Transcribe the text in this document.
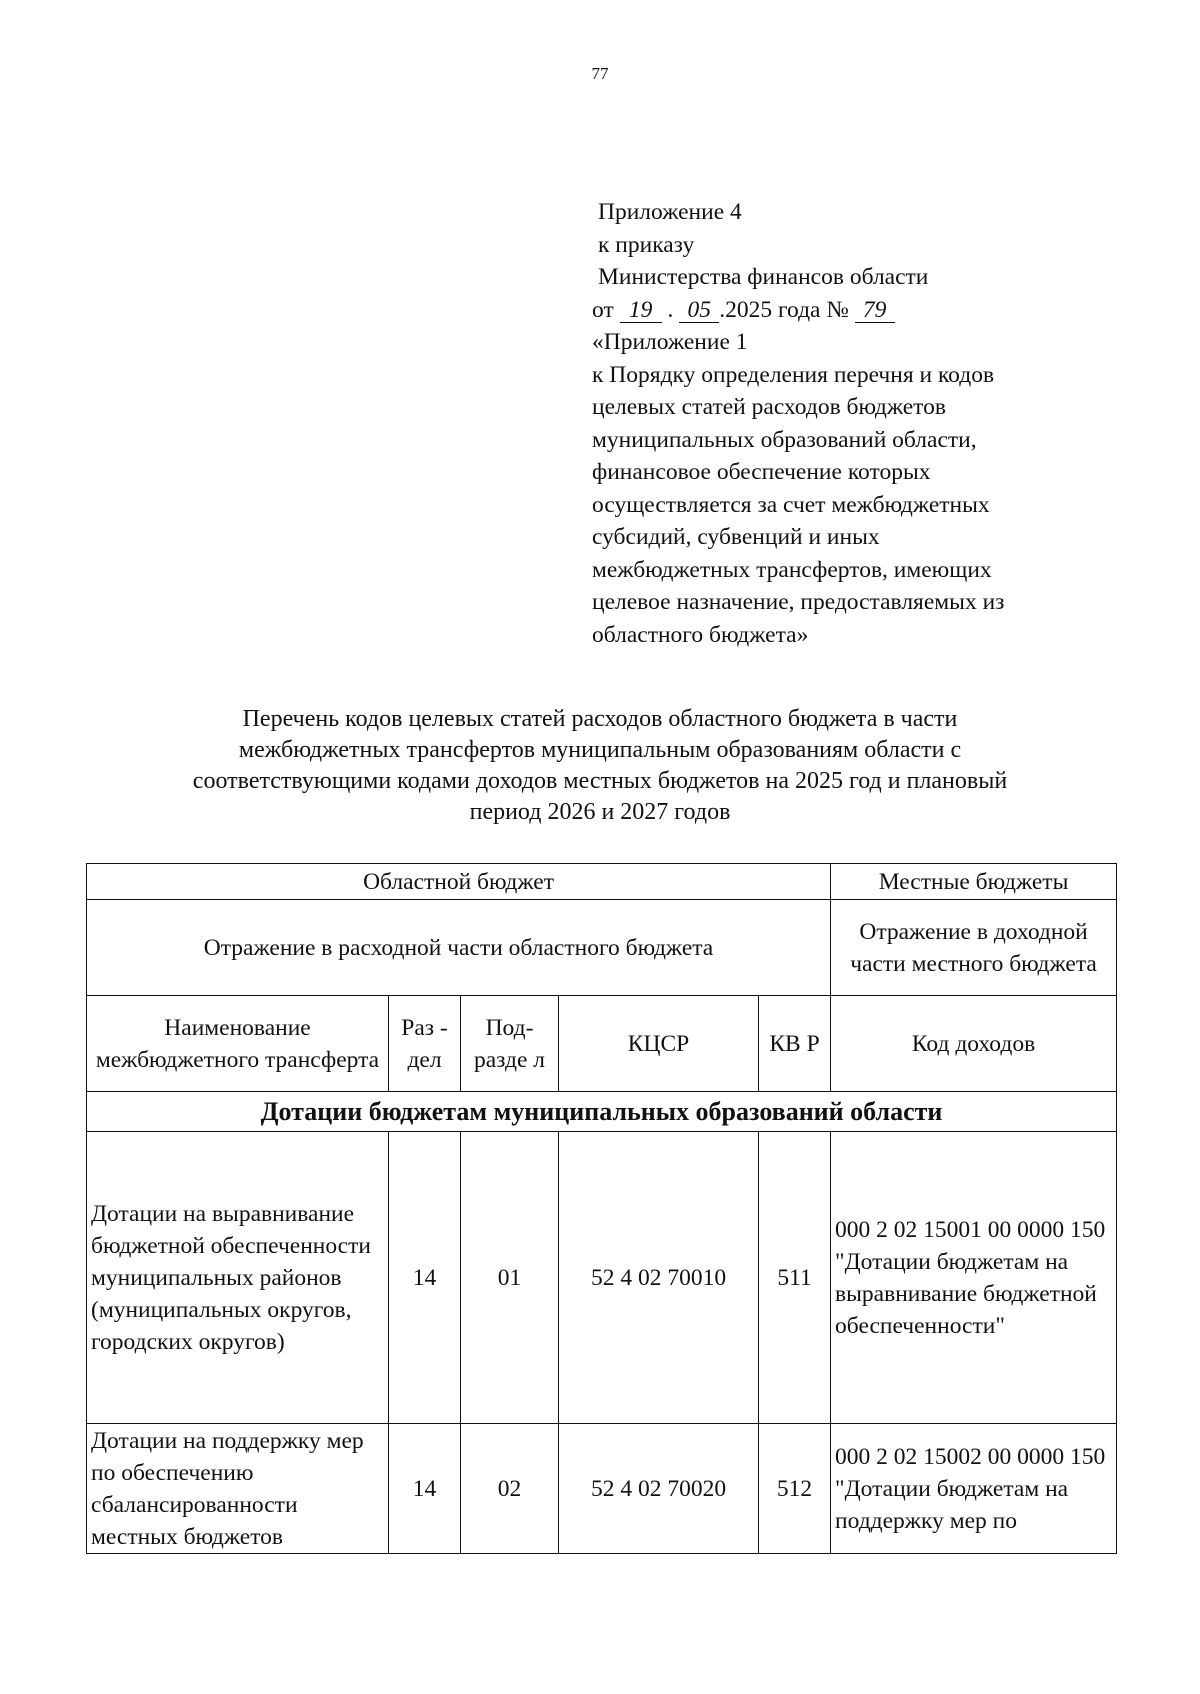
77
Приложение 4
к приказу
Министерства финансов области
от 19 . 05 .2025 года № 79
«Приложение 1
к Порядку определения перечня и кодов
целевых статей расходов бюджетов
муниципальных образований области,
финансовое обеспечение которых
осуществляется за счет межбюджетных
субсидий, субвенций и иных
межбюджетных трансфертов, имеющих
целевое назначение, предоставляемых из
областного бюджета»
Перечень кодов целевых статей расходов областного бюджета в части
межбюджетных трансфертов муниципальным образованиям области с
соответствующими кодами доходов местных бюджетов на 2025 год и плановый
период 2026 и 2027 годов
Областной бюджет					Местные бюджеты
Отражение в расходной части областного бюджета					Отражение в доходной части местного бюджета
Наименование межбюджетного трансферта	Раз - дел	Под- разде л	КЦСР	КВ Р	Код доходов
Дотации бюджетам муниципальных образований области					
Дотации на выравнивание бюджетной обеспеченности муниципальных районов (муниципальных округов, городских округов)	14	01	52 4 02 70010	511	000 2 02 15001 00 0000 150 "Дотации бюджетам на выравнивание бюджетной обеспеченности"
Дотации на поддержку мер по обеспечению сбалансированности местных бюджетов	14	02	52 4 02 70020	512	000 2 02 15002 00 0000 150 "Дотации бюджетам на поддержку мер по
